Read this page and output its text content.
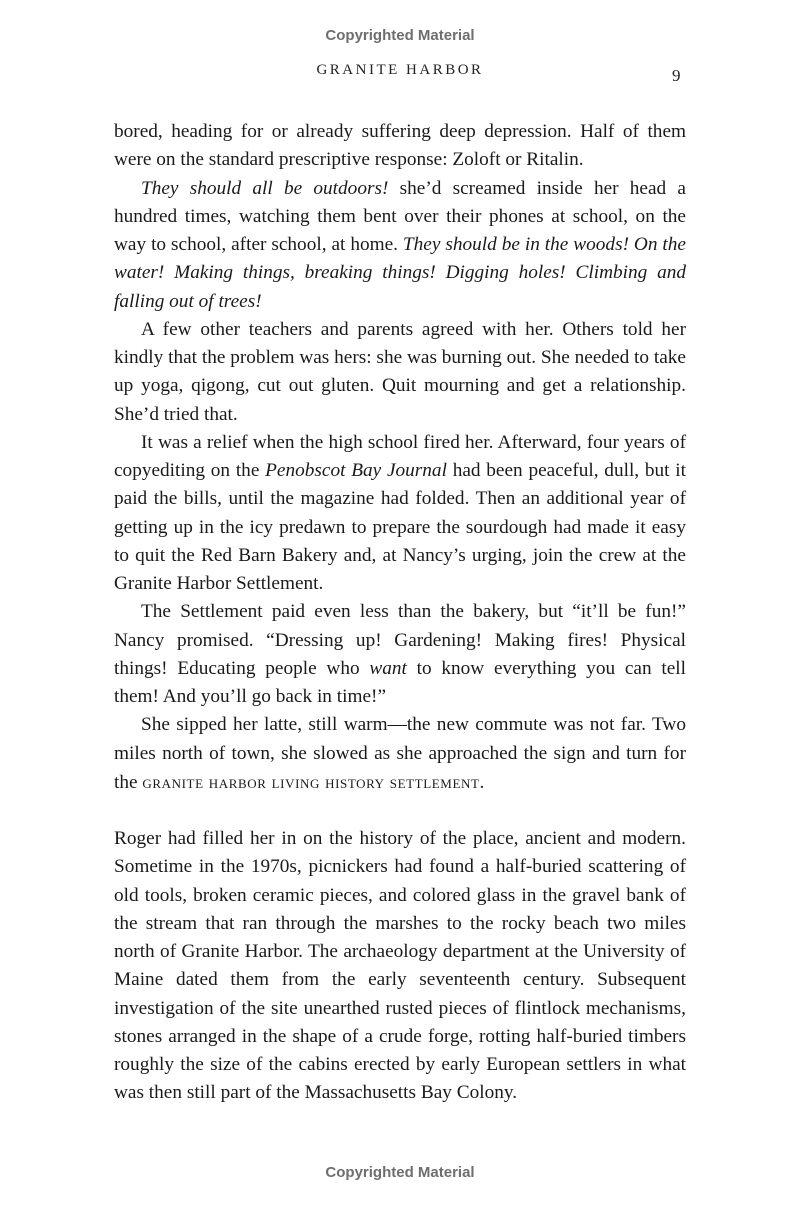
Copyrighted Material
GRANITE HARBOR	9

bored, heading for or already suffering deep depression. Half of them were on the standard prescriptive response: Zoloft or Ritalin.

They should all be outdoors! she’d screamed inside her head a hundred times, watching them bent over their phones at school, on the way to school, after school, at home. They should be in the woods! On the water! Making things, breaking things! Digging holes! Climbing and falling out of trees!

A few other teachers and parents agreed with her. Others told her kindly that the problem was hers: she was burning out. She needed to take up yoga, qigong, cut out gluten. Quit mourning and get a relationship. She’d tried that.

It was a relief when the high school fired her. Afterward, four years of copyediting on the Penobscot Bay Journal had been peaceful, dull, but it paid the bills, until the magazine had folded. Then an additional year of getting up in the icy predawn to prepare the sourdough had made it easy to quit the Red Barn Bakery and, at Nancy’s urging, join the crew at the Granite Harbor Settlement.

The Settlement paid even less than the bakery, but “it’ll be fun!” Nancy promised. “Dressing up! Gardening! Making fires! Physical things! Educating people who want to know everything you can tell them! And you’ll go back in time!”

She sipped her latte, still warm—the new commute was not far. Two miles north of town, she slowed as she approached the sign and turn for the granite harbor living history settlement.

Roger had filled her in on the history of the place, ancient and modern. Sometime in the 1970s, picnickers had found a half-buried scattering of old tools, broken ceramic pieces, and colored glass in the gravel bank of the stream that ran through the marshes to the rocky beach two miles north of Granite Harbor. The archaeology department at the University of Maine dated them from the early seventeenth century. Subsequent investigation of the site unearthed rusted pieces of flintlock mechanisms, stones arranged in the shape of a crude forge, rotting half-buried timbers roughly the size of the cabins erected by early European settlers in what was then still part of the Massachusetts Bay Colony.

Copyrighted Material
